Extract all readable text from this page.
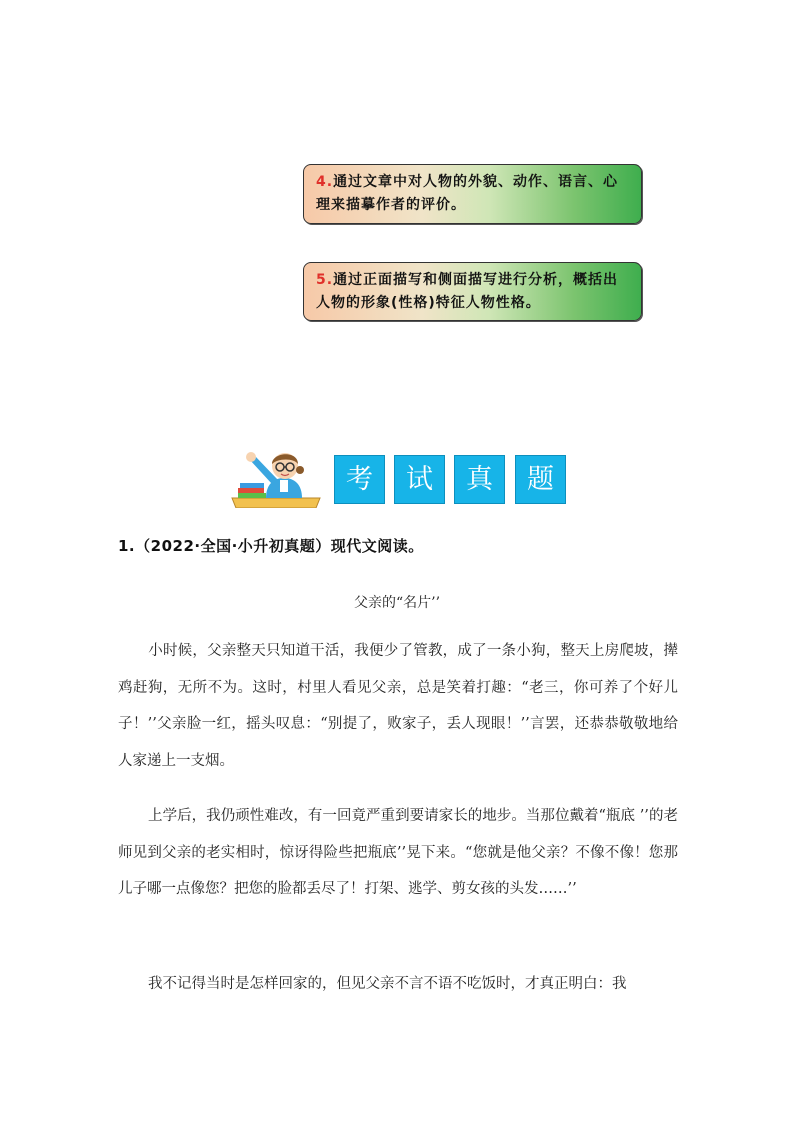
4.通过文章中对人物的外貌、动作、语言、心理来描摹作者的评价。
5.通过正面描写和侧面描写进行分析，概括出人物的形象(性格)特征人物性格。
考	试	真	题
1.（2022·全国·小升初真题）现代文阅读。
父亲的“名片’’

小时候，父亲整天只知道干活，我便少了管教，成了一条小狗，整天上房爬坡，撵鸡赶狗，无所不为。这时，村里人看见父亲，总是笑着打趣：“老三，你可养了个好儿子！’’父亲脸一红，摇头叹息：“别提了，败家子，丢人现眼！’’言罢，还恭恭敬敬地给人家递上一支烟。

上学后，我仍顽性难改，有一回竟严重到要请家长的地步。当那位戴着“瓶底 ’’的老师见到父亲的老实相时，惊讶得险些把瓶底’’晃下来。“您就是他父亲？不像不像！您那儿子哪一点像您？把您的脸都丢尽了！打架、逃学、剪女孩的头发……’’

我不记得当时是怎样回家的，但见父亲不言不语不吃饭时，才真正明白：我
